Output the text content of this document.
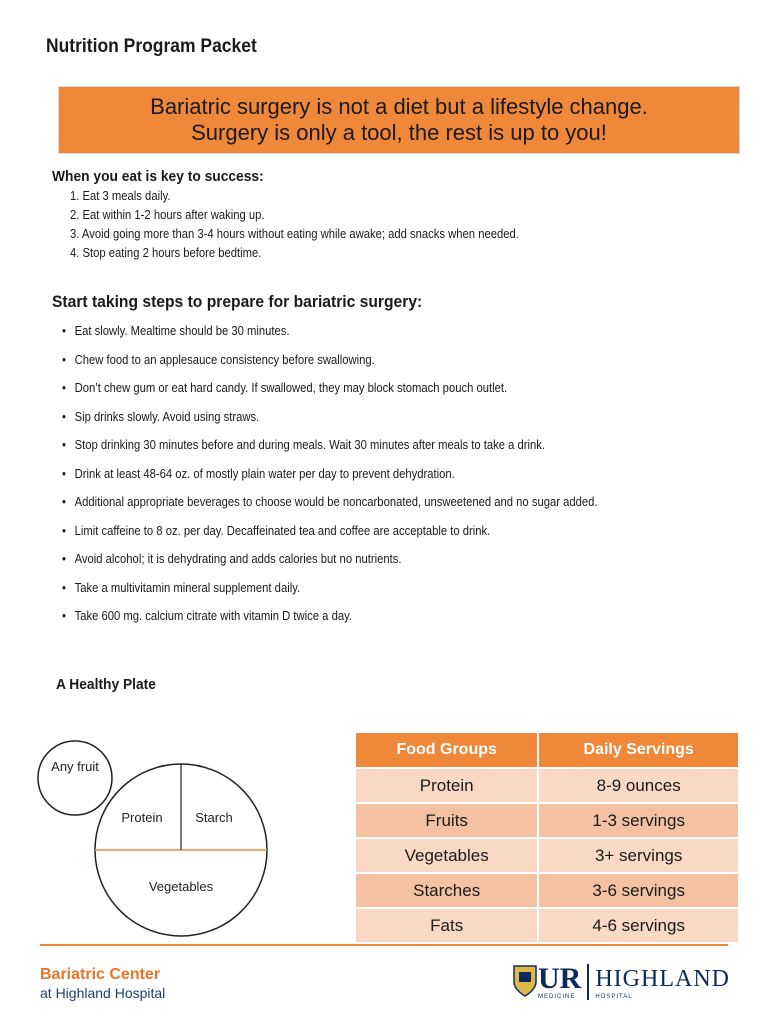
Nutrition Program Packet
Bariatric surgery is not a diet but a lifestyle change.
Surgery is only a tool, the rest is up to you!
When you eat is key to success:
1. Eat 3 meals daily.
2. Eat within 1-2 hours after waking up.
3. Avoid going more than 3-4 hours without eating while awake; add snacks when needed.
4. Stop eating 2 hours before bedtime.
Start taking steps to prepare for bariatric surgery:
• Eat slowly. Mealtime should be 30 minutes.
• Chew food to an applesauce consistency before swallowing.
• Don’t chew gum or eat hard candy. If swallowed, they may block stomach pouch outlet.
• Sip drinks slowly. Avoid using straws.
• Stop drinking 30 minutes before and during meals. Wait 30 minutes after meals to take a drink.
• Drink at least 48-64 oz. of mostly plain water per day to prevent dehydration.
• Additional appropriate beverages to choose would be noncarbonated, unsweetened and no sugar added.
• Limit caffeine to 8 oz. per day. Decaffeinated tea and coffee are acceptable to drink.
• Avoid alcohol; it is dehydrating and adds calories but no nutrients.
• Take a multivitamin mineral supplement daily.
• Take 600 mg. calcium citrate with vitamin D twice a day.
A Healthy Plate
Any fruit
Protein	Starch
Vegetables
Food Groups	Daily Servings
Protein	8-9 ounces
Fruits	1-3 servings
Vegetables	3+ servings
Starches	3-6 servings
Fats	4-6 servings
Bariatric Center
at Highland Hospital	UR
MEDICINE
HIGHLAND
HOSPITAL
